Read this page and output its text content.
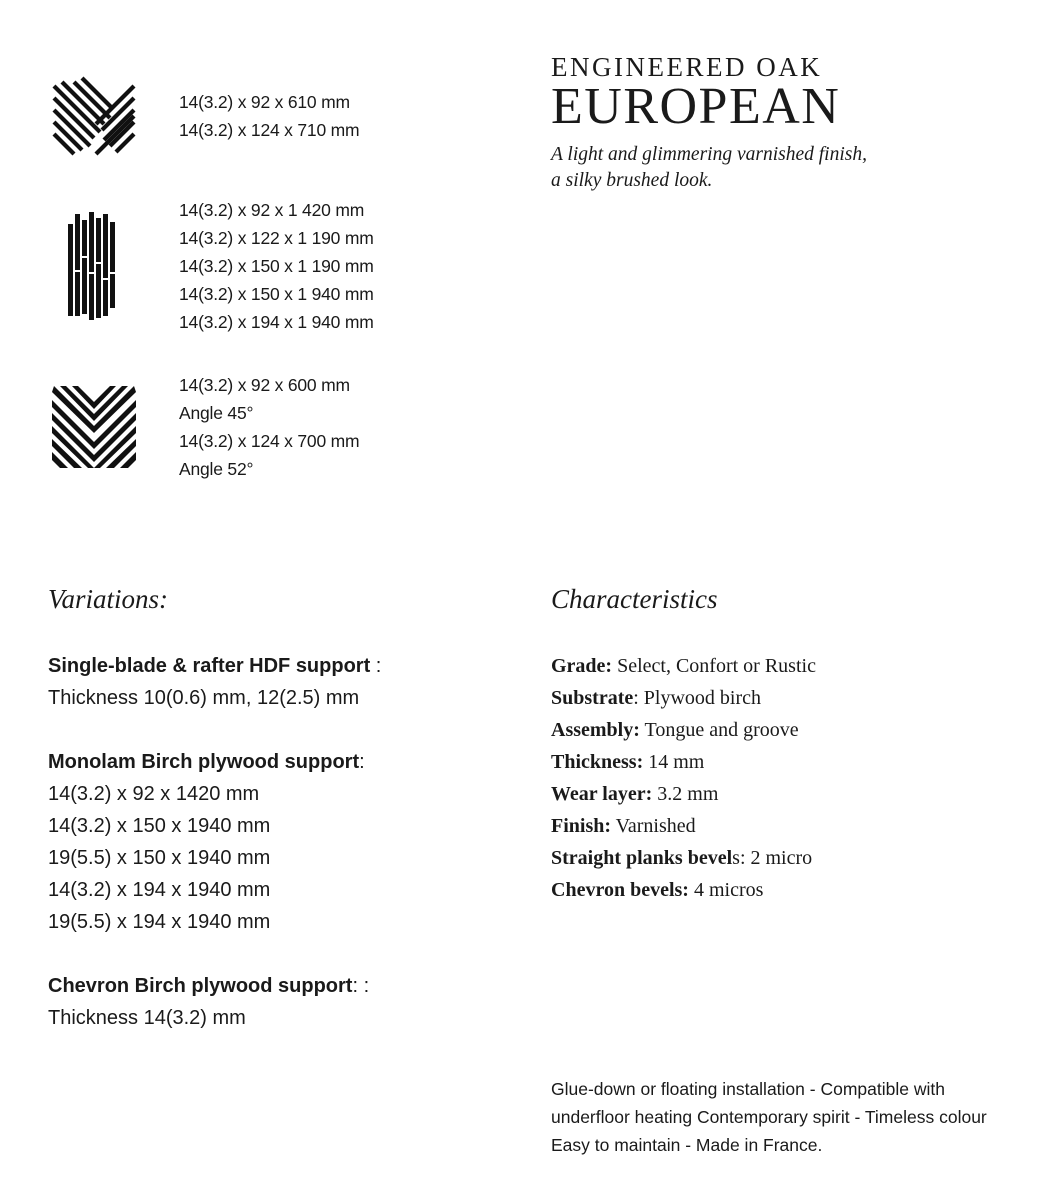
14(3.2) x 92 x 610 mm
14(3.2) x 124 x 710 mm
14(3.2) x 92 x 1 420 mm
14(3.2) x 122 x 1 190 mm
14(3.2) x 150 x 1 190 mm
14(3.2) x 150 x 1 940 mm
14(3.2) x 194 x 1 940 mm
14(3.2) x 92 x 600 mm
Angle 45°
14(3.2) x 124 x 700 mm
Angle 52°
ENGINEERED OAK
EUROPEAN
A light and glimmering varnished finish,
a silky brushed look.
Variations:	Characteristics
Single-blade & rafter HDF support :
Thickness 10(0.6) mm, 12(2.5) mm
Monolam Birch plywood support:
14(3.2) x 92 x 1420 mm
14(3.2) x 150 x 1940 mm
19(5.5) x 150 x 1940 mm
14(3.2) x 194 x 1940 mm
19(5.5) x 194 x 1940 mm
Chevron Birch plywood support: :
Thickness 14(3.2) mm
Grade: Select, Confort or Rustic
Substrate: Plywood birch
Assembly: Tongue and groove
Thickness: 14 mm
Wear layer: 3.2 mm
Finish: Varnished
Straight planks bevels: 2 micro
Chevron bevels: 4 micros
Glue-down or floating installation - Compatible with underfloor heating Contemporary spirit - Timeless colour Easy to maintain - Made in France.
